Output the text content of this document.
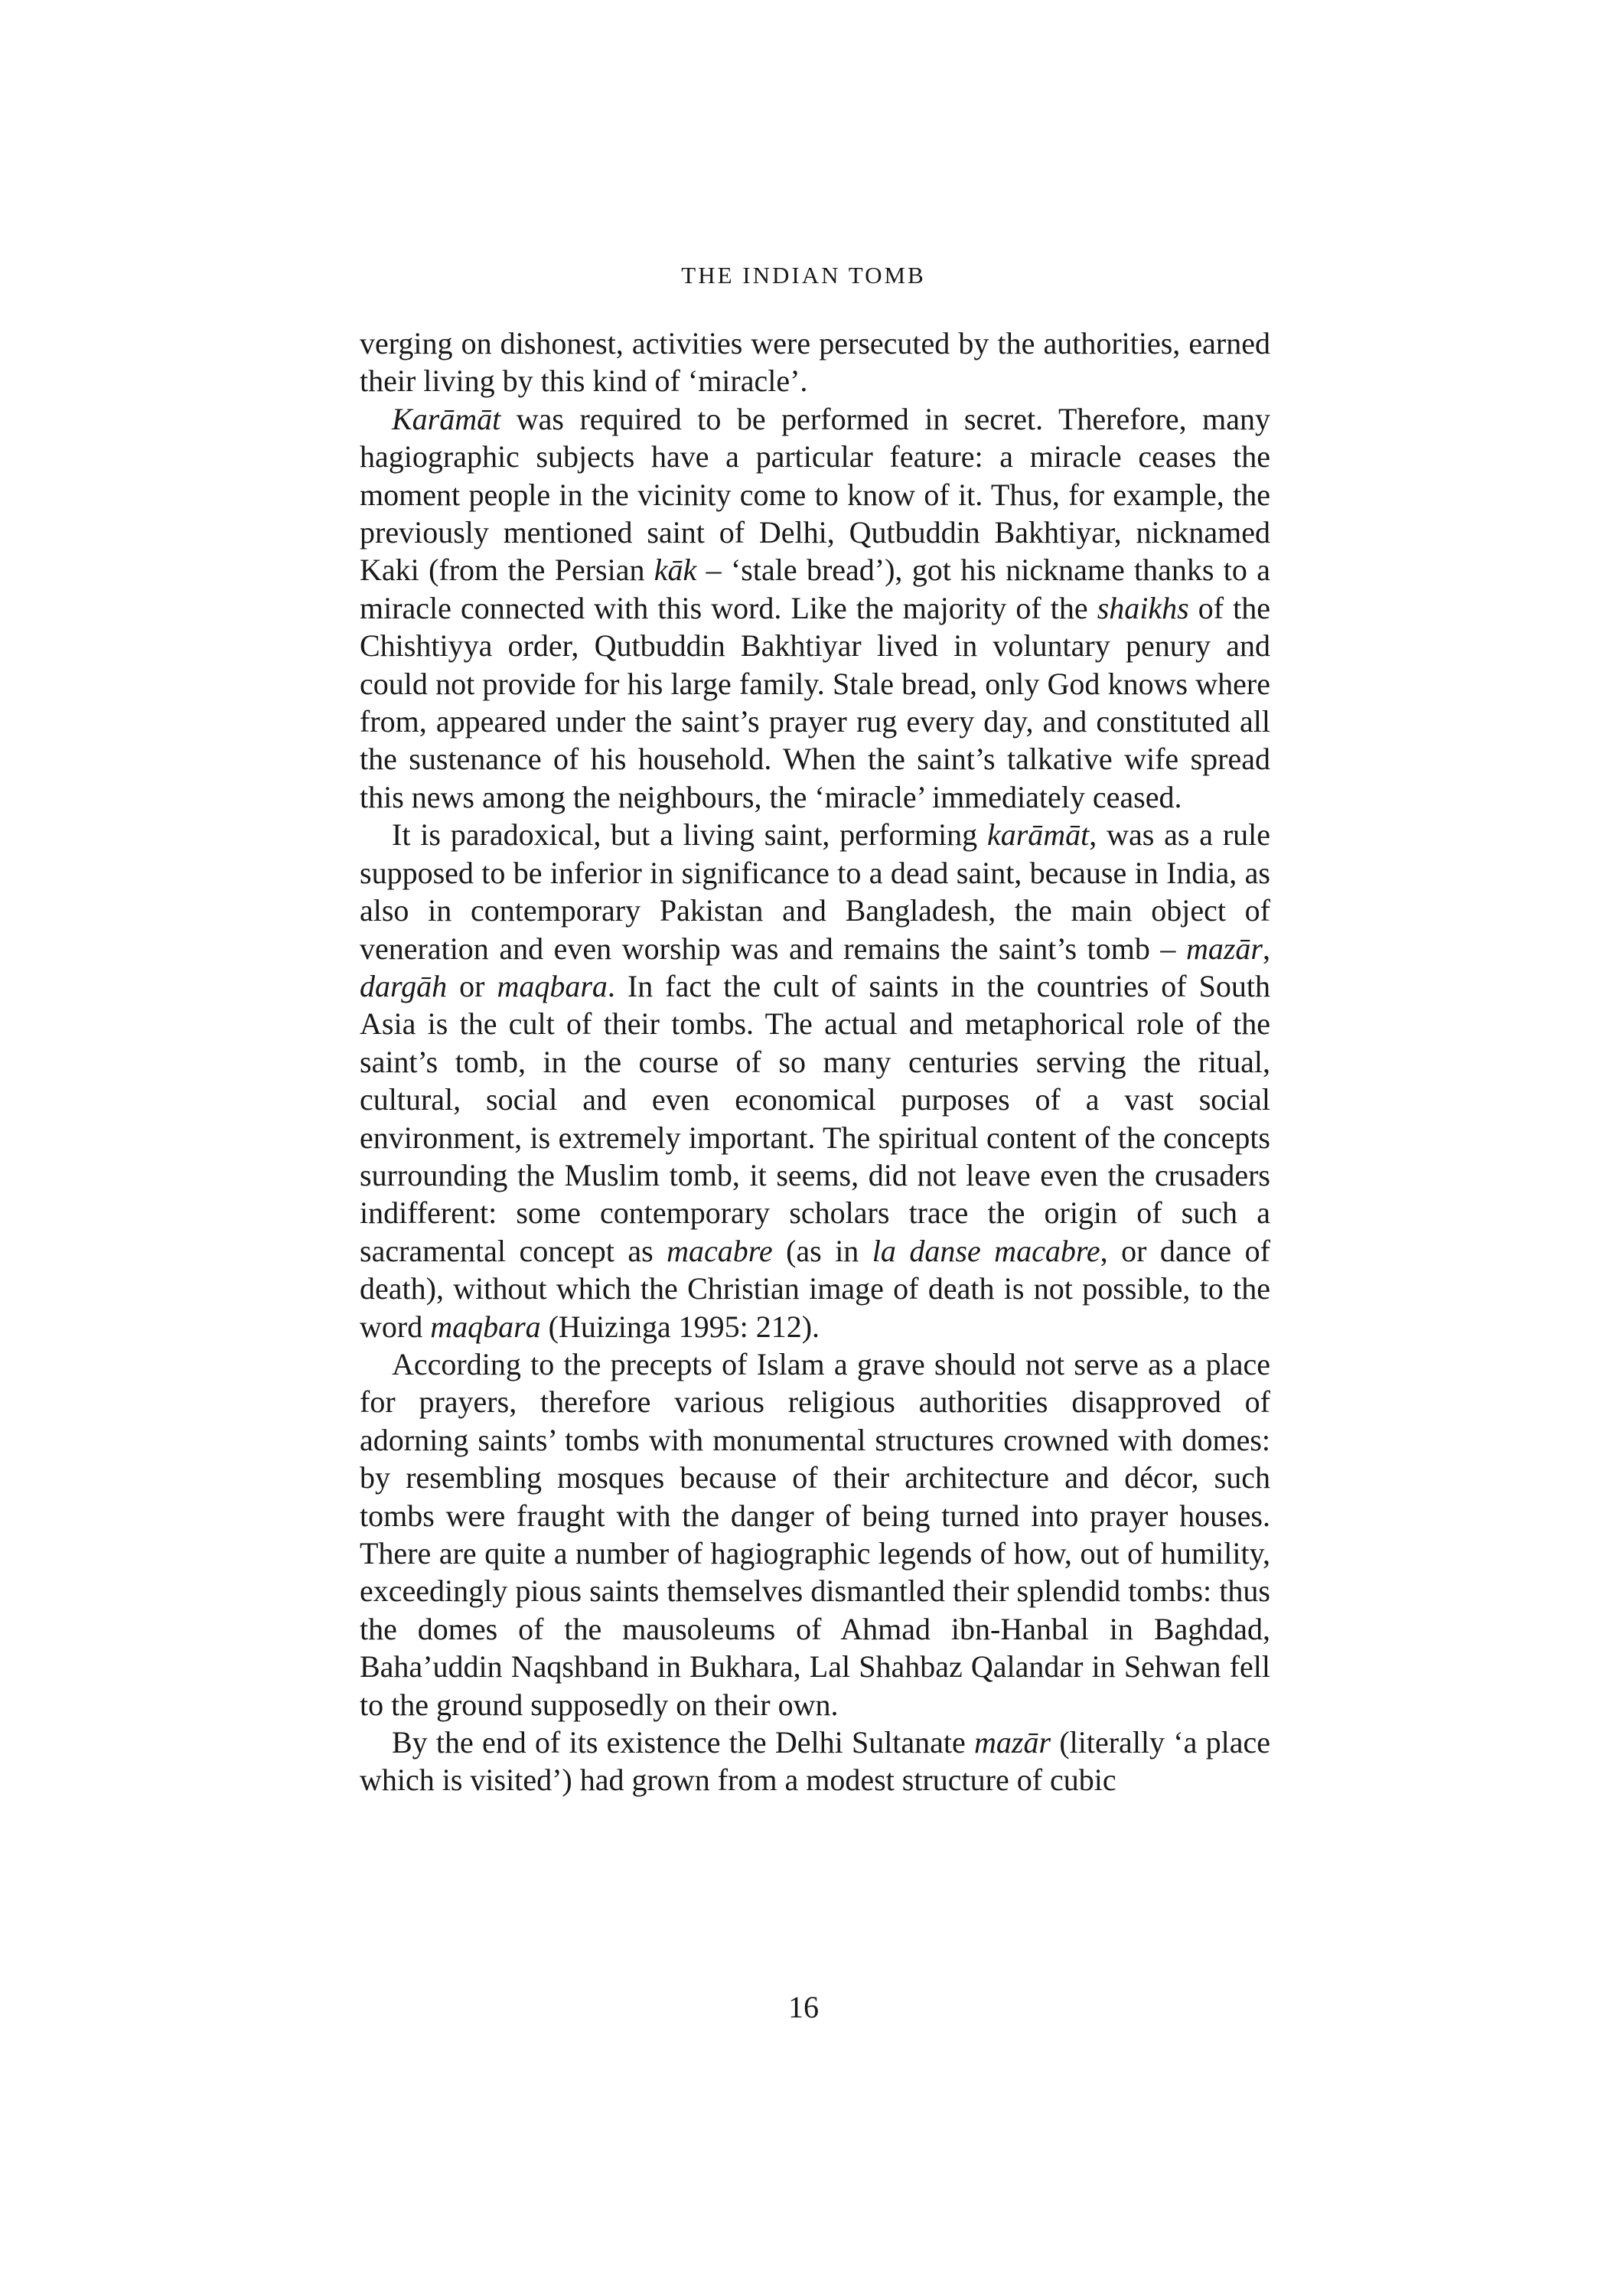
THE INDIAN TOMB

verging on dishonest, activities were persecuted by the authorities, earned their living by this kind of ‘miracle’.

Karāmāt was required to be performed in secret. Therefore, many hagiographic subjects have a particular feature: a miracle ceases the moment people in the vicinity come to know of it. Thus, for example, the previously mentioned saint of Delhi, Qutbuddin Bakhtiyar, nicknamed Kaki (from the Persian kāk – ‘stale bread’), got his nickname thanks to a miracle connected with this word. Like the majority of the shaikhs of the Chishtiyya order, Qutbuddin Bakhtiyar lived in voluntary penury and could not provide for his large family. Stale bread, only God knows where from, appeared under the saint’s prayer rug every day, and constituted all the sustenance of his household. When the saint’s talkative wife spread this news among the neighbours, the ‘miracle’ immediately ceased.

It is paradoxical, but a living saint, performing karāmāt, was as a rule supposed to be inferior in significance to a dead saint, because in India, as also in contemporary Pakistan and Bangladesh, the main object of veneration and even worship was and remains the saint’s tomb – mazār, dargāh or maqbara. In fact the cult of saints in the countries of South Asia is the cult of their tombs. The actual and metaphorical role of the saint’s tomb, in the course of so many centuries serving the ritual, cultural, social and even economical purposes of a vast social environment, is extremely important. The spiritual content of the concepts surrounding the Muslim tomb, it seems, did not leave even the crusaders indifferent: some contemporary scholars trace the origin of such a sacramental concept as macabre (as in la danse macabre, or dance of death), without which the Christian image of death is not possible, to the word maqbara (Huizinga 1995: 212).

According to the precepts of Islam a grave should not serve as a place for prayers, therefore various religious authorities disapproved of adorning saints’ tombs with monumental structures crowned with domes: by resembling mosques because of their architecture and décor, such tombs were fraught with the danger of being turned into prayer houses. There are quite a number of hagiographic legends of how, out of humility, exceedingly pious saints themselves dismantled their splendid tombs: thus the domes of the mausoleums of Ahmad ibn-Hanbal in Baghdad, Baha’uddin Naqshband in Bukhara, Lal Shahbaz Qalandar in Sehwan fell to the ground supposedly on their own.

By the end of its existence the Delhi Sultanate mazār (literally ‘a place which is visited’) had grown from a modest structure of cubic

16
